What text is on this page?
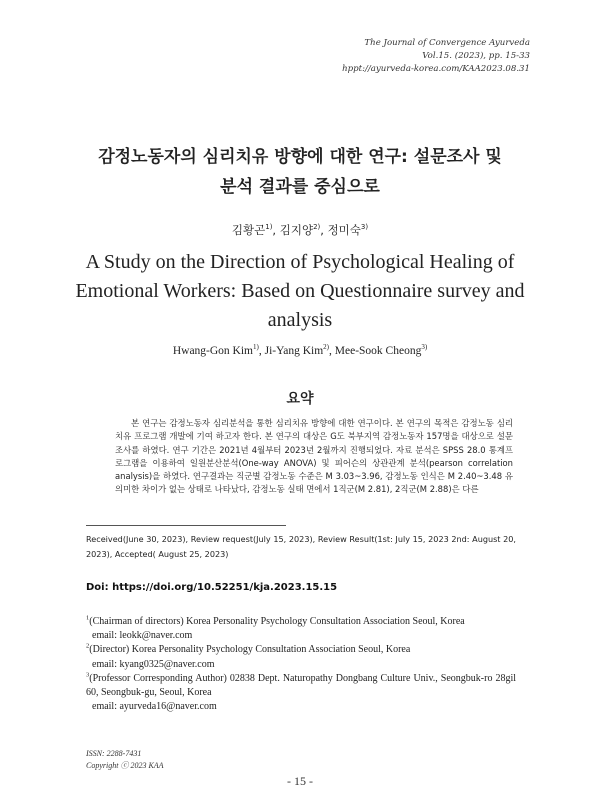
The Journal of Convergence Ayurveda
Vol.15. (2023), pp. 15-33
hppt://ayurveda-korea.com/KAA2023.08.31
감정노동자의 심리치유 방향에 대한 연구: 설문조사 및
분석 결과를 중심으로
김황곤$^{1)}$, 김지양$^{2)}$, 정미숙$^{3)}$
A Study on the Direction of Psychological Healing of
Emotional Workers: Based on Questionnaire survey and
analysis
Hwang-Gon Kim$^{1)}$, Ji-Yang Kim$^{2)}$, Mee-Sook Cheong$^{3)}$
요약
본 연구는 감정노동자 심리분석을 통한 심리치유 방향에 대한 연구이다. 본 연구의 목적은 감정노동 심리치유 프로그램 개발에 기여 하고자 한다. 본 연구의 대상은 G도 북부지역 감정노동자 157명을 대상으로 설문조사를 하였다. 연구 기간은 2021년 4월부터 2023년 2월까지 진행되었다. 자료 분석은 SPSS 28.0 통계프로그램을 이용하여 일원분산분석(One-way ANOVA) 및 피어슨의 상관관계 분석(pearson correlation analysis)을 하였다. 연구결과는 직군별 감정노동 수준은 M 3.03~3.96, 감정노동 인식은 M 2.40~3.48 유의미한 차이가 없는 상태로 나타났다, 감정노동 실태 면에서 1직군(M 2.81), 2직군(M 2.88)은 다른
Received(June 30, 2023), Review request(July 15, 2023), Review Result(1st: July 15, 2023 2nd: August 20, 2023), Accepted( August 25, 2023)
Doi: https://doi.org/10.52251/kja.2023.15.15
$^1$(Chairman of directors) Korea Personality Psychology Consultation Association Seoul, Korea
email: leokk@naver.com
$^2$(Director) Korea Personality Psychology Consultation Association Seoul, Korea
email: kyang0325@naver.com
$^3$(Professor Corresponding Author) 02838 Dept. Naturopathy Dongbang Culture Univ., Seongbuk-ro 28gil 60, Seongbuk-gu, Seoul, Korea
email: ayurveda16@naver.com
ISSN: 2288-7431
Copyright ⓒ 2023 KAA
- 15 -
